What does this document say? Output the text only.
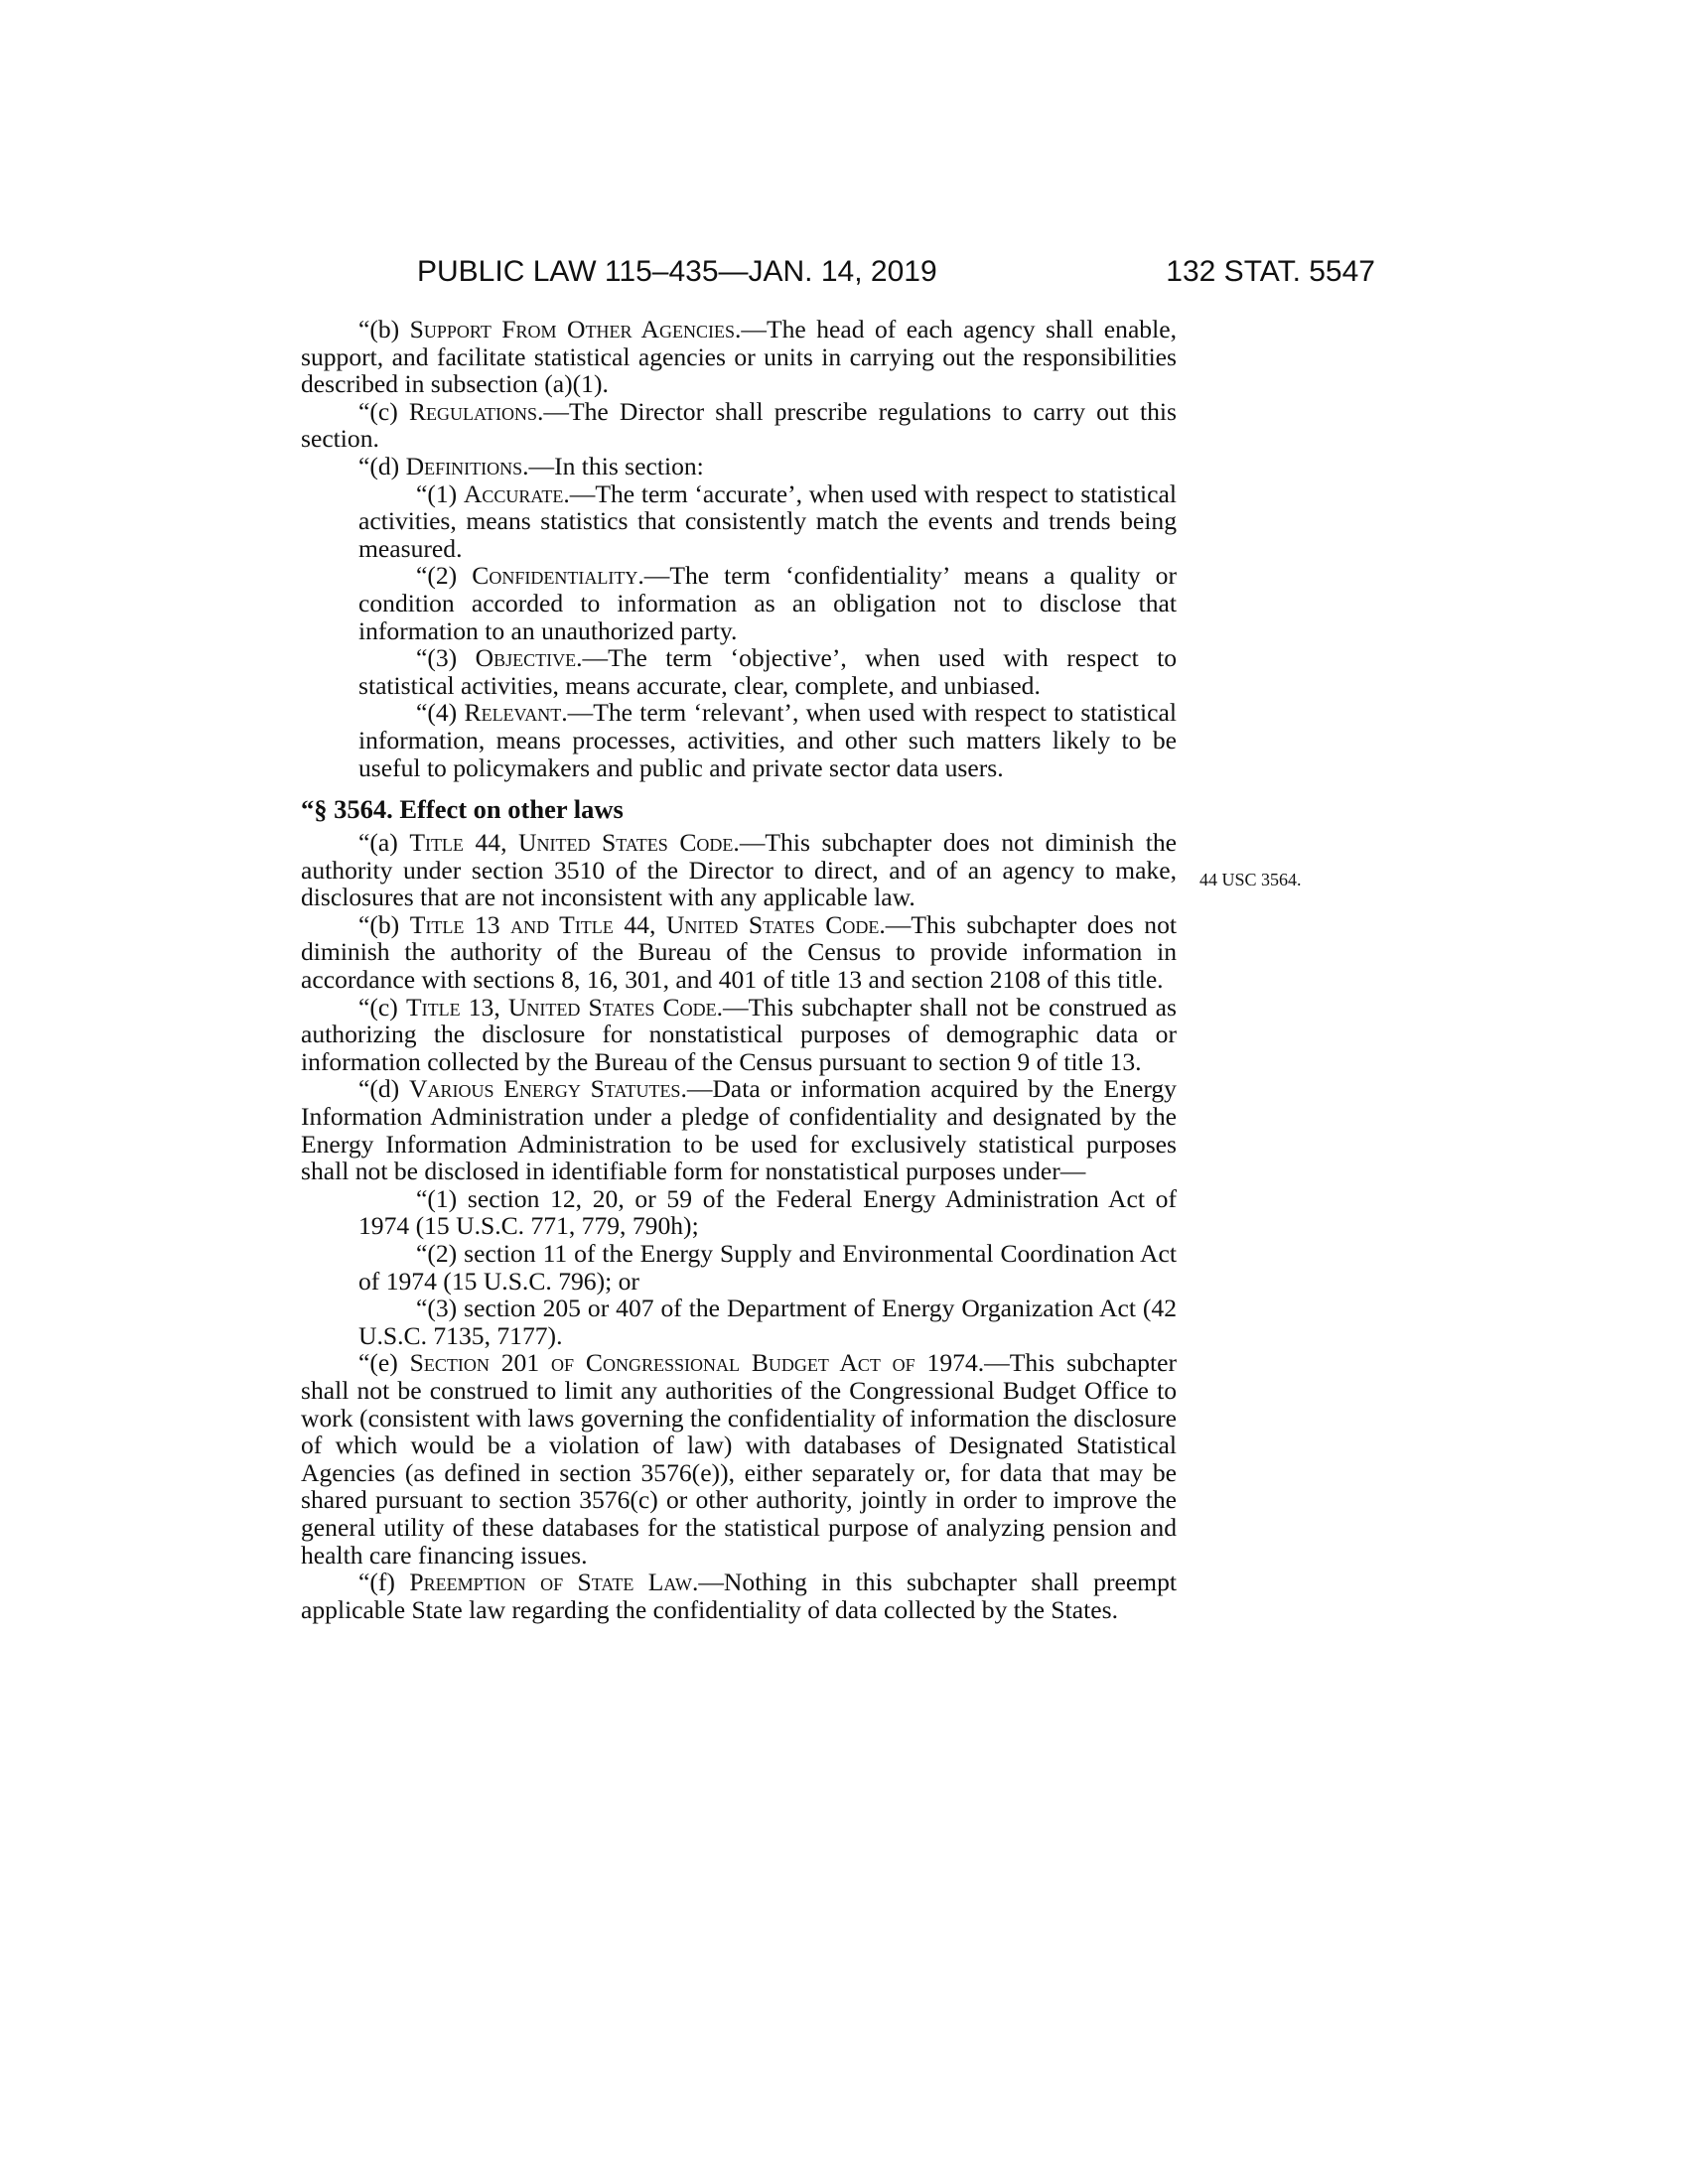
PUBLIC LAW 115–435—JAN. 14, 2019	132 STAT. 5547
44 USC 3564.

“(b) Support From Other Agencies.—The head of each agency shall enable, support, and facilitate statistical agencies or units in carrying out the responsibilities described in subsection (a)(1).

“(c) Regulations.—The Director shall prescribe regulations to carry out this section.

“(d) Definitions.—In this section:

“(1) Accurate.—The term ‘accurate’, when used with respect to statistical activities, means statistics that consistently match the events and trends being measured.

“(2) Confidentiality.—The term ‘confidentiality’ means a quality or condition accorded to information as an obligation not to disclose that information to an unauthorized party.

“(3) Objective.—The term ‘objective’, when used with respect to statistical activities, means accurate, clear, complete, and unbiased.

“(4) Relevant.—The term ‘relevant’, when used with respect to statistical information, means processes, activities, and other such matters likely to be useful to policymakers and public and private sector data users.

“§ 3564. Effect on other laws

“(a) Title 44, United States Code.—This subchapter does not diminish the authority under section 3510 of the Director to direct, and of an agency to make, disclosures that are not inconsistent with any applicable law.

“(b) Title 13 and Title 44, United States Code.—This subchapter does not diminish the authority of the Bureau of the Census to provide information in accordance with sections 8, 16, 301, and 401 of title 13 and section 2108 of this title.

“(c) Title 13, United States Code.—This subchapter shall not be construed as authorizing the disclosure for nonstatistical purposes of demographic data or information collected by the Bureau of the Census pursuant to section 9 of title 13.

“(d) Various Energy Statutes.—Data or information acquired by the Energy Information Administration under a pledge of confidentiality and designated by the Energy Information Administration to be used for exclusively statistical purposes shall not be disclosed in identifiable form for nonstatistical purposes under—

“(1) section 12, 20, or 59 of the Federal Energy Administration Act of 1974 (15 U.S.C. 771, 779, 790h);

“(2) section 11 of the Energy Supply and Environmental Coordination Act of 1974 (15 U.S.C. 796); or

“(3) section 205 or 407 of the Department of Energy Organization Act (42 U.S.C. 7135, 7177).

“(e) Section 201 of Congressional Budget Act of 1974.—This subchapter shall not be construed to limit any authorities of the Congressional Budget Office to work (consistent with laws governing the confidentiality of information the disclosure of which would be a violation of law) with databases of Designated Statistical Agencies (as defined in section 3576(e)), either separately or, for data that may be shared pursuant to section 3576(c) or other authority, jointly in order to improve the general utility of these databases for the statistical purpose of analyzing pension and health care financing issues.

“(f) Preemption of State Law.—Nothing in this subchapter shall preempt applicable State law regarding the confidentiality of data collected by the States.
